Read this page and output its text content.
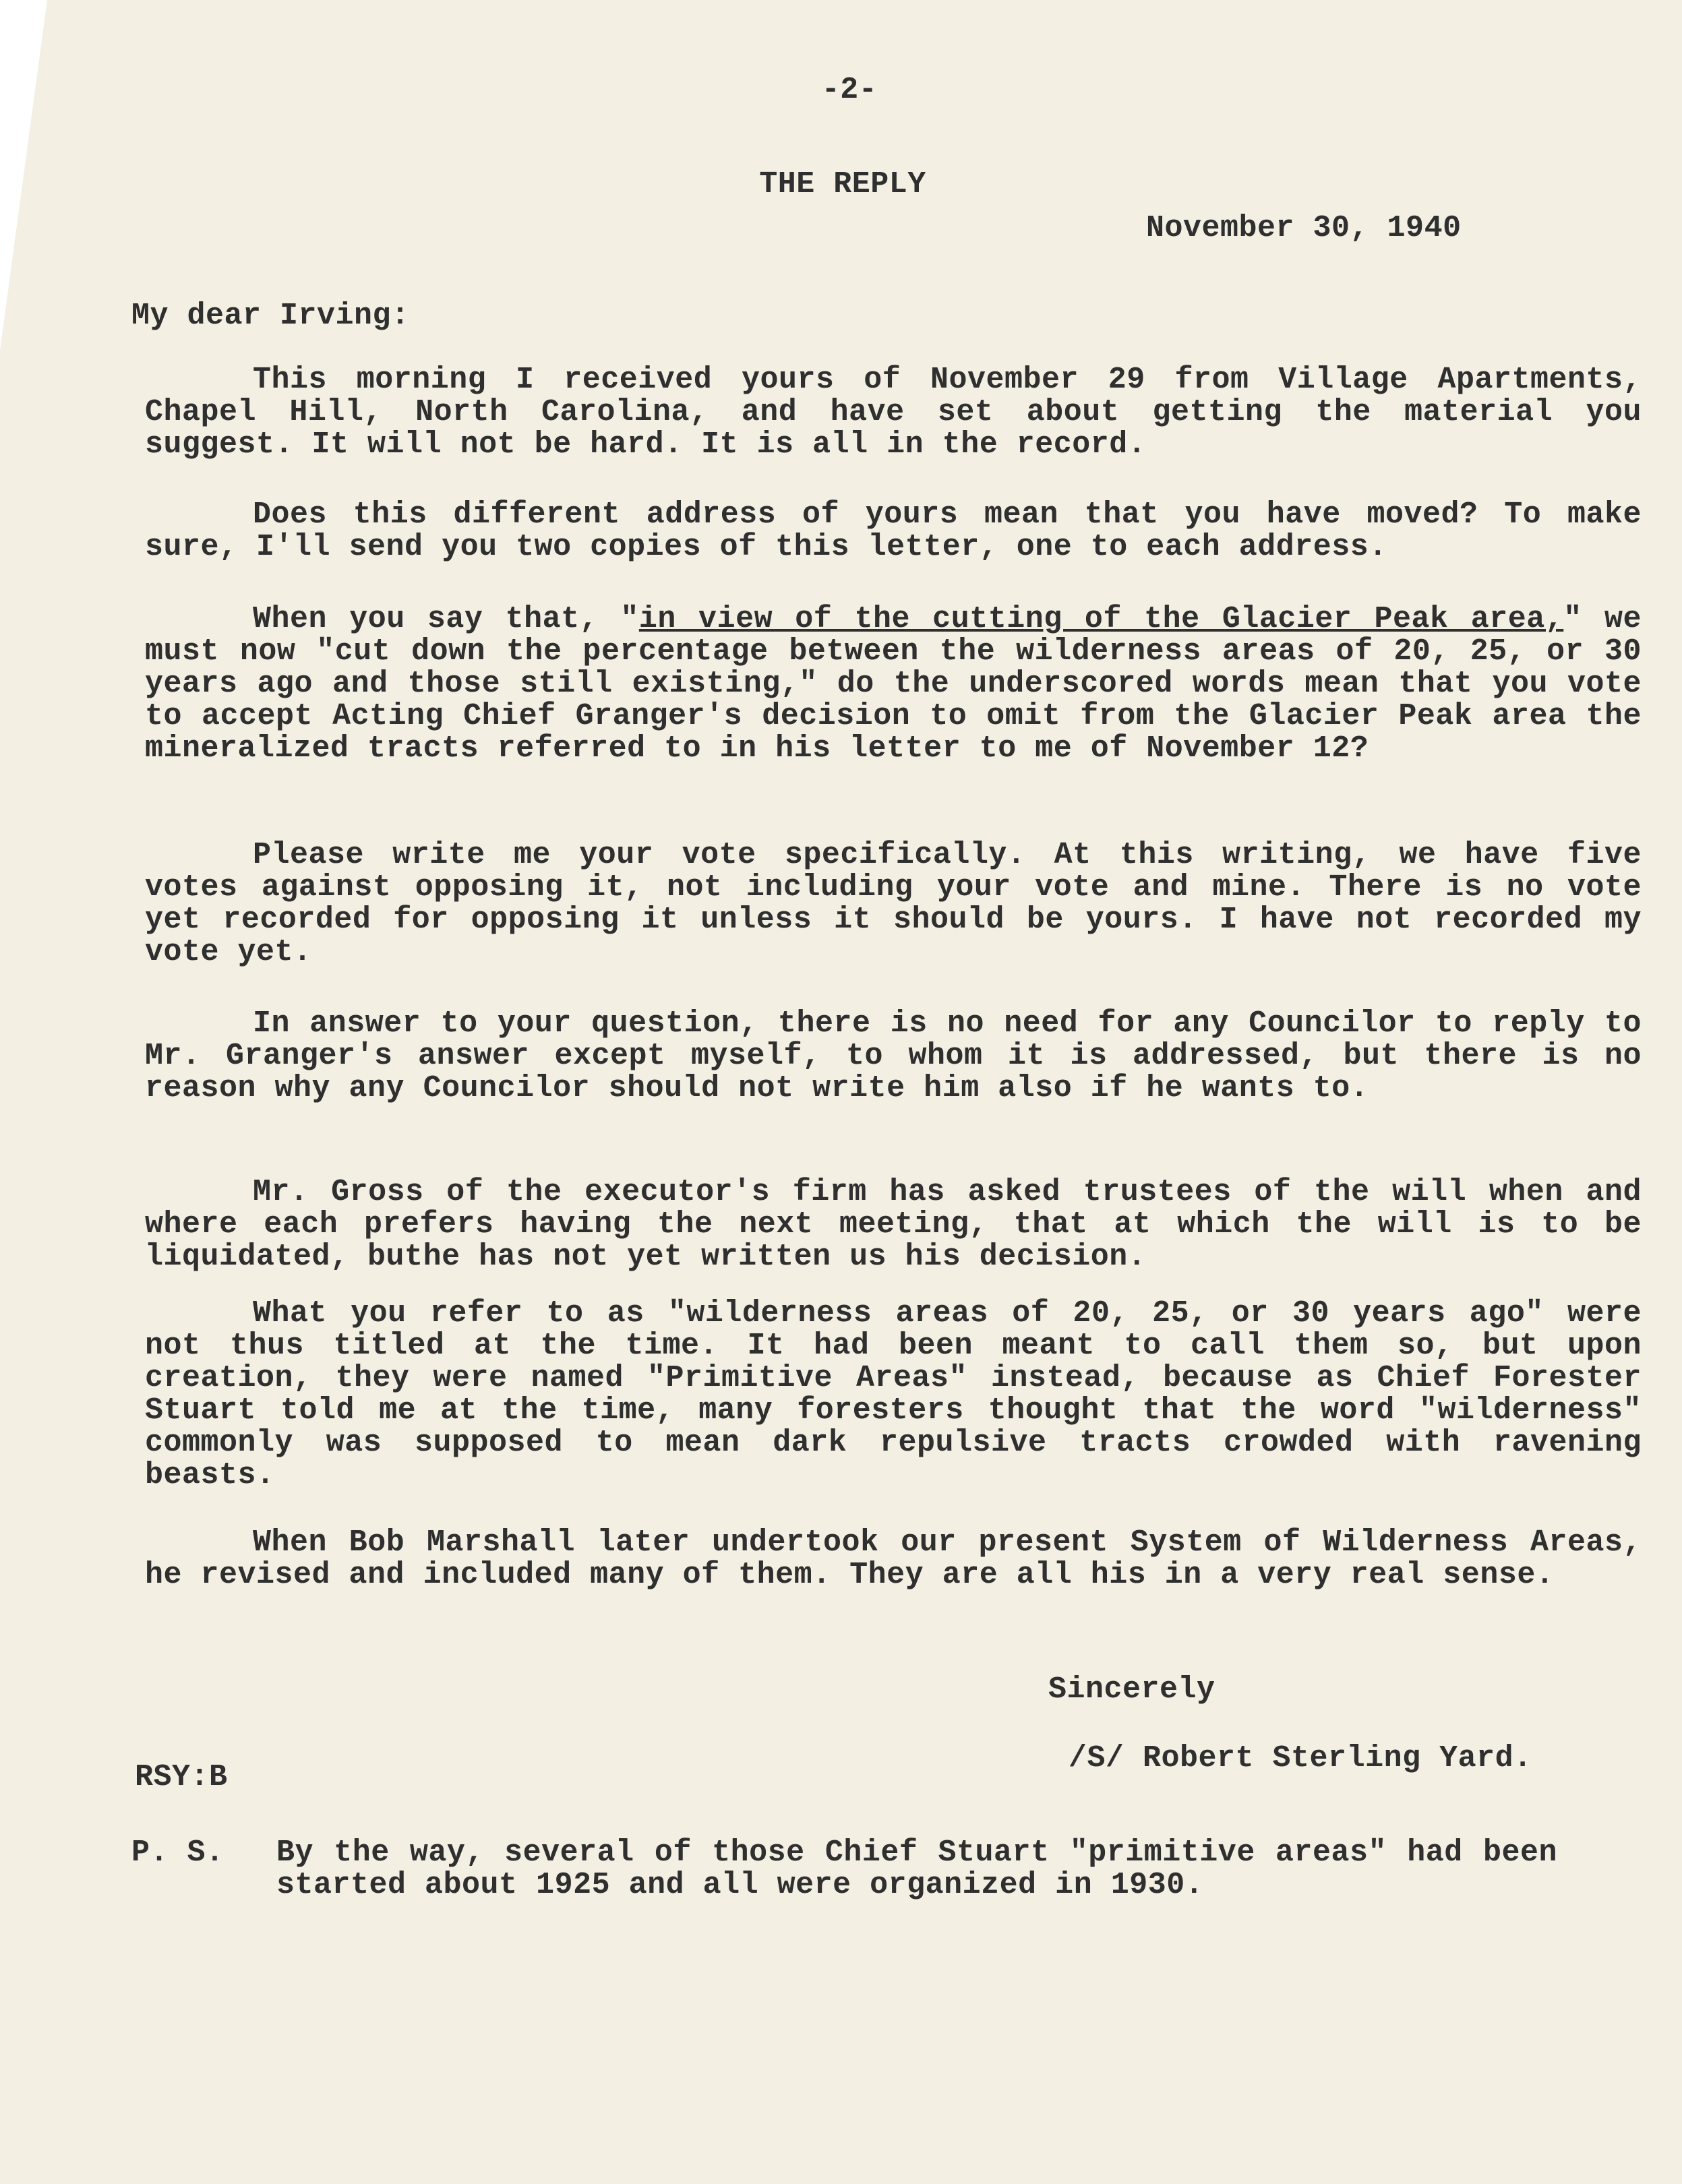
-2-
THE REPLY
November 30, 1940
My dear Irving:

This morning I received yours of November 29 from Village Apartments, Chapel Hill, North Carolina, and have set about getting the material you suggest. It will not be hard. It is all in the record.

Does this different address of yours mean that you have moved? To make sure, I'll send you two copies of this letter, one to each address.

When you say that, "in view of the cutting of the Glacier Peak area," we must now "cut down the percentage between the wilderness areas of 20, 25, or 30 years ago and those still existing," do the underscored words mean that you vote to accept Acting Chief Granger's decision to omit from the Glacier Peak area the mineralized tracts referred to in his letter to me of November 12?

Please write me your vote specifically. At this writing, we have five votes against opposing it, not including your vote and mine. There is no vote yet recorded for opposing it unless it should be yours. I have not recorded my vote yet.

In answer to your question, there is no need for any Councilor to reply to Mr. Granger's answer except myself, to whom it is addressed, but there is no reason why any Councilor should not write him also if he wants to.

Mr. Gross of the executor's firm has asked trustees of the will when and where each prefers having the next meeting, that at which the will is to be liquidated, buthe has not yet written us his decision.

What you refer to as "wilderness areas of 20, 25, or 30 years ago" were not thus titled at the time. It had been meant to call them so, but upon creation, they were named "Primitive Areas" instead, because as Chief Forester Stuart told me at the time, many foresters thought that the word "wilderness" commonly was supposed to mean dark repulsive tracts crowded with ravening beasts.

When Bob Marshall later undertook our present System of Wilderness Areas, he revised and included many of them. They are all his in a very real sense.

Sincerely
/S/ Robert Sterling Yard.
RSY:B
P. S. By the way, several of those Chief Stuart "primitive areas" had been started about 1925 and all were organized in 1930.
